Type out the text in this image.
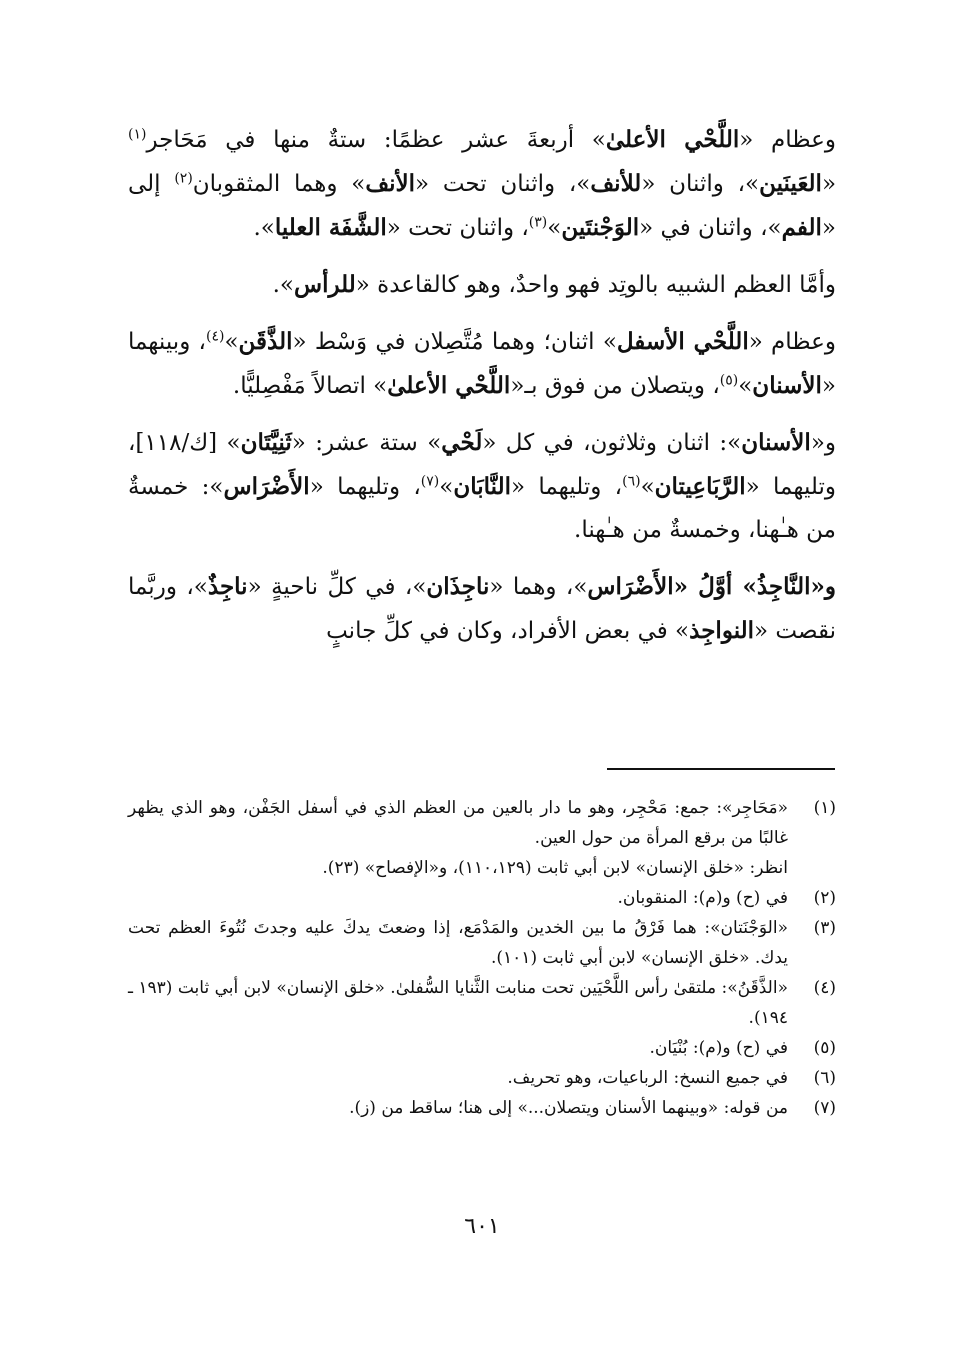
وعظام «اللَّحْي الأعلىٰ» أربعةَ عشر عظمًا: ستةٌ منها في مَحَاجر$^{(١)}$ «العَينَين»، واثنان «للأنف»، واثنان تحت «الأنف» وهما المثقوبان$^{(٢)}$ إلى «الفم»، واثنان في «الوَجْنتَين»$^{(٣)}$، واثنان تحت «الشَّفَة العليا».

وأمَّا العظم الشبيه بالوتِد فهو واحدٌ، وهو كالقاعدة «للرأس».

وعظام «اللَّحْي الأسفل» اثنان؛ وهما مُتَّصِلان في وَسْط «الذَّقَن»$^{(٤)}$، وبينهما «الأسنان»$^{(٥)}$، ويتصلان من فوق بـ«اللَّحْي الأعلىٰ» اتصالاً مَفْصِليًّا.

و«الأسنان»: اثنان وثلاثون، في كل «لَحْي» ستة عشر: «ثَنِيَّتَان» [ك/١١٨]، وتليهما «الرَّبَاعِيتان»$^{(٦)}$، وتليهما «النَّابَان»$^{(٧)}$، وتليهما «الأَضْرَاس»: خمسةٌ من هـٰهنا، وخمسةٌ من هـٰهنا.

و«النَّاجِذُ» أوَّلُ «الأَضْرَاس»، وهما «ناجِذَان»، في كلِّ ناحيةٍ «ناجِذٌ»، وربَّما نقصت «النواجِذ» في بعض الأفراد، وكان في كلِّ جانبٍ

(١)
«مَحَاجِر»: جمع: مَحْجِر، وهو ما دار بالعين من العظم الذي في أسفل الجَفْن، وهو الذي يظهر غالبًا من برقع المرأة من حول العين.
انظر: «خلق الإنسان» لابن أبي ثابت (١١٠،١٢٩)، و«الإفصاح» (٢٣).
(٢)
في (ح) و(م): المنقوبان.
(٣)
«الوَجْنَتان»: هما فَرْقُ ما بين الخدين والمَدْمَع، إذا وضعتَ يدكَ عليه وجدتَ نُتُوءَ العظم تحت يدك. «خلق الإنسان» لابن أبي ثابت (١٠١).
(٤)
«الذَّقَنُ»: ملتقىٰ رأس اللَّحْيَين تحت منابت الثَّنايا السُّفلىٰ. «خلق الإنسان» لابن أبي ثابت (١٩٣ ـ ١٩٤).
(٥)
في (ح) و(م): بُنْيَان.
(٦)
في جميع النسخ: الرباعيات، وهو تحريف.
(٧)
من قوله: «وبينهما الأسنان ويتصلان...» إلى هنا؛ ساقط من (ز).
٦٠١
